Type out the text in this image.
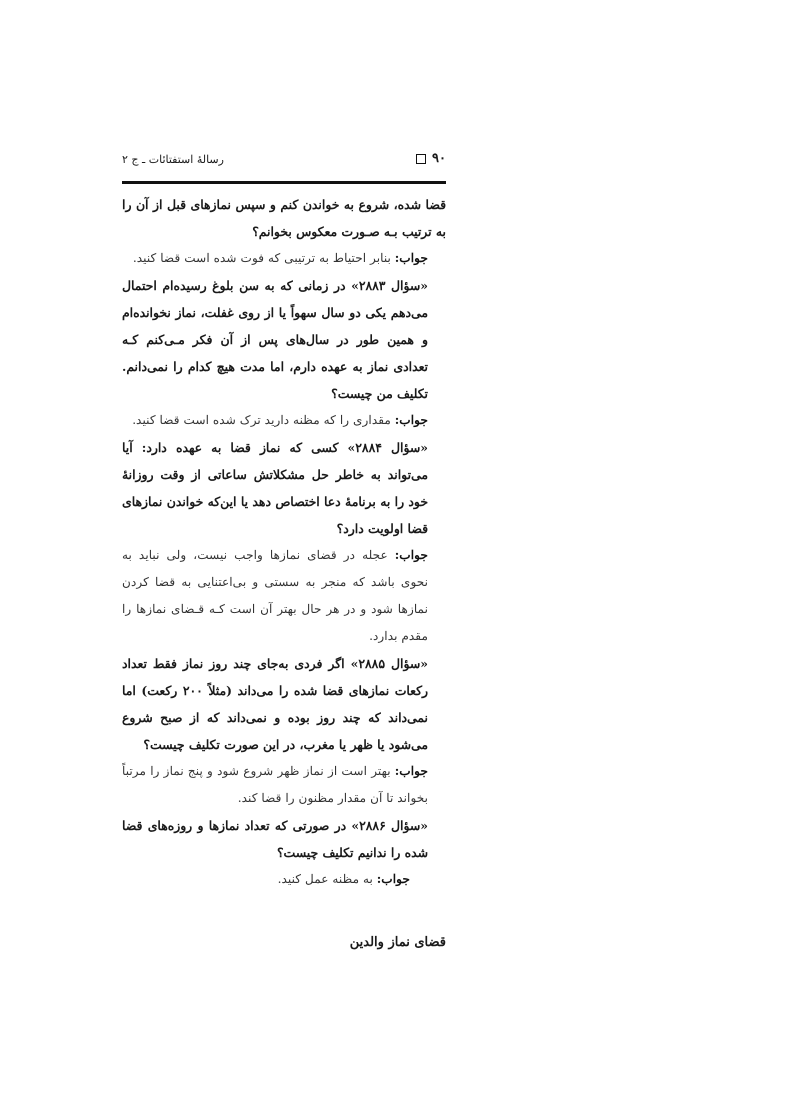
۹۰
رسالهٔ استفتائات ـ ج ۲

قضا شده، شروع به خواندن کنم و سپس نمازهای قبل از آن را به ترتیب بـه صـورت معکوس بخوانم؟

جواب: بنابر احتیاط به ترتیبی که فوت شده است قضا کنید.

«سؤال ۲۸۸۳» در زمانی که به سن بلوغ رسیده‌ام احتمال می‌دهم یکی دو سال سهواً یا از روی غفلت، نماز نخوانده‌ام و همین طور در سال‌های پس از آن فکر مـی‌کنم کـه تعدادی نماز به عهده دارم، اما مدت هیچ کدام را نمی‌دانم. تکلیف من چیست؟

جواب: مقداری را که مظنه دارید ترک شده است قضا کنید.

«سؤال ۲۸۸۴» کسی که نماز قضا به عهده دارد: آیا می‌تواند به خاطر حل مشکلاتش ساعاتی از وقت روزانهٔ خود را به برنامهٔ دعا اختصاص دهد یا این‌که خواندن نمازهای قضا اولویت دارد؟

جواب: عجله در قضای نمازها واجب نیست، ولی نباید به نحوی باشد که منجر به سستی و بی‌اعتنایی به قضا کردن نمازها شود و در هر حال بهتر آن است کـه قـضای نمازها را مقدم بدارد.

«سؤال ۲۸۸۵» اگر فردی به‌جای چند روز نماز فقط تعداد رکعات نمازهای قضا شده را می‌داند (مثلاً ۲۰۰ رکعت) اما نمی‌داند که چند روز بوده و نمی‌داند که از صبح شروع می‌شود یا ظهر یا مغرب، در این صورت تکلیف چیست؟

جواب: بهتر است از نماز ظهر شروع شود و پنج نماز را مرتباً بخواند تا آن مقدار مظنون را قضا کند.

«سؤال ۲۸۸۶» در صورتی که تعداد نمازها و روزه‌های قضا شده را ندانیم تکلیف چیست؟

جواب: به مظنه عمل کنید.

قضای نماز والدین
